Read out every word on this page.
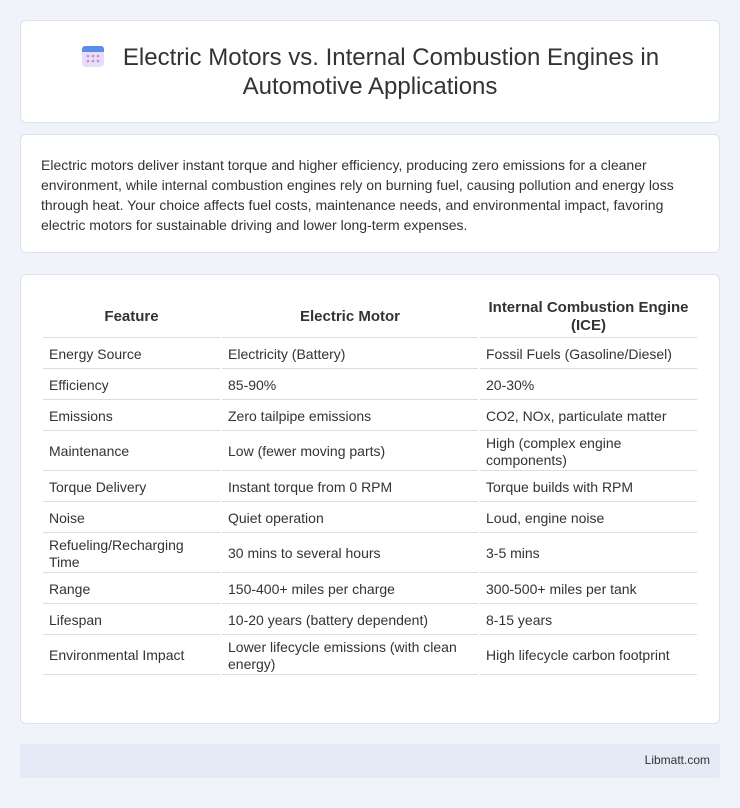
Electric Motors vs. Internal Combustion Engines in
Automotive Applications

Electric motors deliver instant torque and higher efficiency, producing zero emissions for a cleaner environment, while internal combustion engines rely on burning fuel, causing pollution and energy loss through heat. Your choice affects fuel costs, maintenance needs, and environmental impact, favoring electric motors for sustainable driving and lower long-term expenses.

Feature	Electric Motor	Internal Combustion Engine (ICE)
Energy Source	Electricity (Battery)	Fossil Fuels (Gasoline/Diesel)
Efficiency	85-90%	20-30%
Emissions	Zero tailpipe emissions	CO2, NOx, particulate matter
Maintenance	Low (fewer moving parts)	High (complex engine components)
Torque Delivery	Instant torque from 0 RPM	Torque builds with RPM
Noise	Quiet operation	Loud, engine noise
Refueling/Recharging Time	30 mins to several hours	3-5 mins
Range	150-400+ miles per charge	300-500+ miles per tank
Lifespan	10-20 years (battery dependent)	8-15 years
Environmental Impact	Lower lifecycle emissions (with clean energy)	High lifecycle carbon footprint
Libmatt.com
